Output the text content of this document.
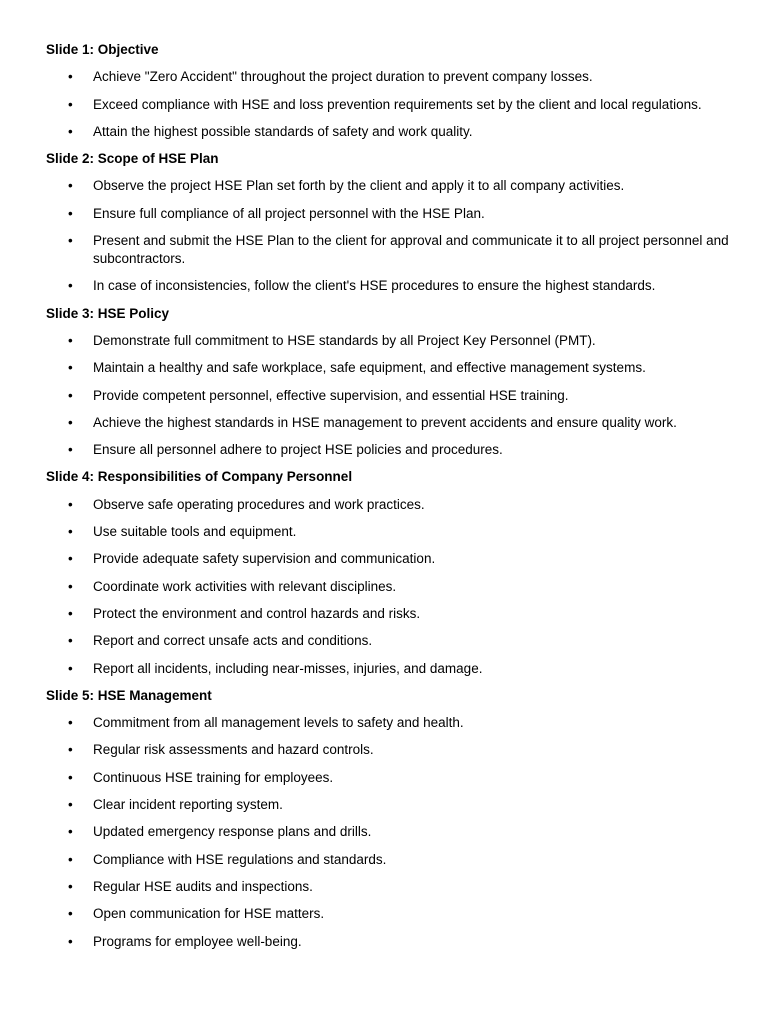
Slide 1: Objective

• Achieve "Zero Accident" throughout the project duration to prevent company losses.
• Exceed compliance with HSE and loss prevention requirements set by the client and local regulations.
• Attain the highest possible standards of safety and work quality.

Slide 2: Scope of HSE Plan

• Observe the project HSE Plan set forth by the client and apply it to all company activities.
• Ensure full compliance of all project personnel with the HSE Plan.
• Present and submit the HSE Plan to the client for approval and communicate it to all project personnel and subcontractors.
• In case of inconsistencies, follow the client's HSE procedures to ensure the highest standards.

Slide 3: HSE Policy

• Demonstrate full commitment to HSE standards by all Project Key Personnel (PMT).
• Maintain a healthy and safe workplace, safe equipment, and effective management systems.
• Provide competent personnel, effective supervision, and essential HSE training.
• Achieve the highest standards in HSE management to prevent accidents and ensure quality work.
• Ensure all personnel adhere to project HSE policies and procedures.

Slide 4: Responsibilities of Company Personnel

• Observe safe operating procedures and work practices.
• Use suitable tools and equipment.
• Provide adequate safety supervision and communication.
• Coordinate work activities with relevant disciplines.
• Protect the environment and control hazards and risks.
• Report and correct unsafe acts and conditions.
• Report all incidents, including near-misses, injuries, and damage.

Slide 5: HSE Management

• Commitment from all management levels to safety and health.
• Regular risk assessments and hazard controls.
• Continuous HSE training for employees.
• Clear incident reporting system.
• Updated emergency response plans and drills.
• Compliance with HSE regulations and standards.
• Regular HSE audits and inspections.
• Open communication for HSE matters.
• Programs for employee well-being.
